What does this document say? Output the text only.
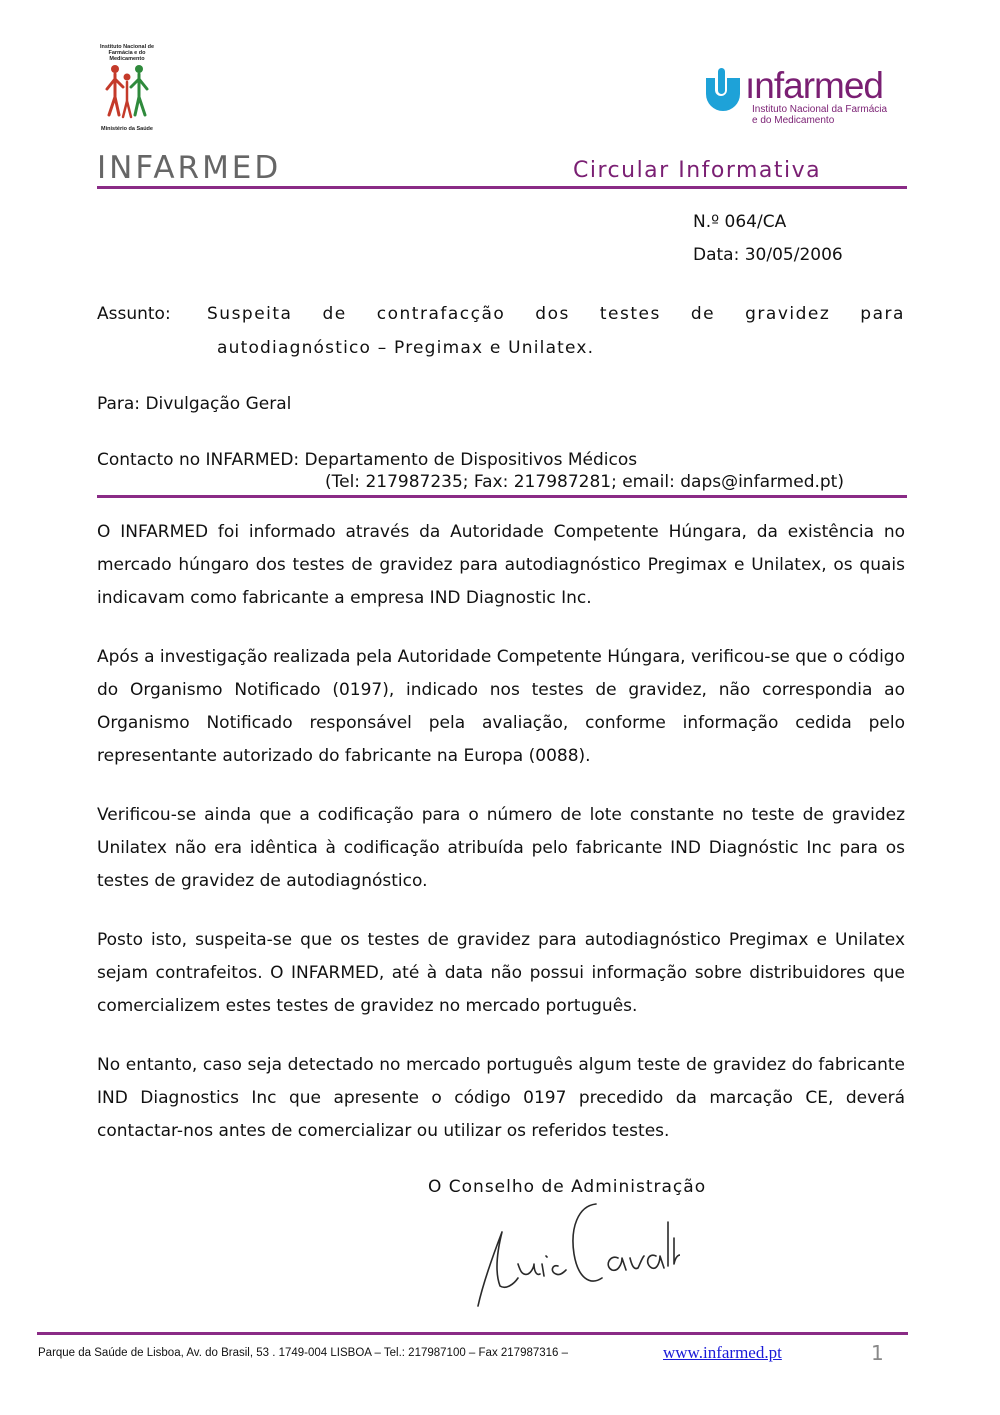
Instituto Nacional de Farmácia e do Medicamento
Ministério da Saúde
ınfarmed
Instituto Nacional da Farmácia
e do Medicamento
INFARMED	Circular Informativa
N.º 064/CA
Data: 30/05/2006
Assunto: Suspeita de contrafacção dos testes de gravidez para
autodiagnóstico – Pregimax e Unilatex.
Para: Divulgação Geral
Contacto no INFARMED: Departamento de Dispositivos Médicos
(Tel: 217987235; Fax: 217987281; email: daps@infarmed.pt)

O INFARMED foi informado através da Autoridade Competente Húngara, da existência no mercado húngaro dos testes de gravidez para autodiagnóstico Pregimax e Unilatex, os quais indicavam como fabricante a empresa IND Diagnostic Inc.

Após a investigação realizada pela Autoridade Competente Húngara, verificou-se que o código do Organismo Notificado (0197), indicado nos testes de gravidez, não correspondia ao Organismo Notificado responsável pela avaliação, conforme informação cedida pelo representante autorizado do fabricante na Europa (0088).

Verificou-se ainda que a codificação para o número de lote constante no teste de gravidez Unilatex não era idêntica à codificação atribuída pelo fabricante IND Diagnóstic Inc para os testes de gravidez de autodiagnóstico.

Posto isto, suspeita-se que os testes de gravidez para autodiagnóstico Pregimax e Unilatex sejam contrafeitos. O INFARMED, até à data não possui informação sobre distribuidores que comercializem estes testes de gravidez no mercado português.

No entanto, caso seja detectado no mercado português algum teste de gravidez do fabricante IND Diagnostics Inc que apresente o código 0197 precedido da marcação CE, deverá contactar-nos antes de comercializar ou utilizar os referidos testes.

O Conselho de Administração
Parque da Saúde de Lisboa, Av. do Brasil, 53 . 1749-004 LISBOA – Tel.: 217987100 – Fax 217987316 –	www.infarmed.pt	1
